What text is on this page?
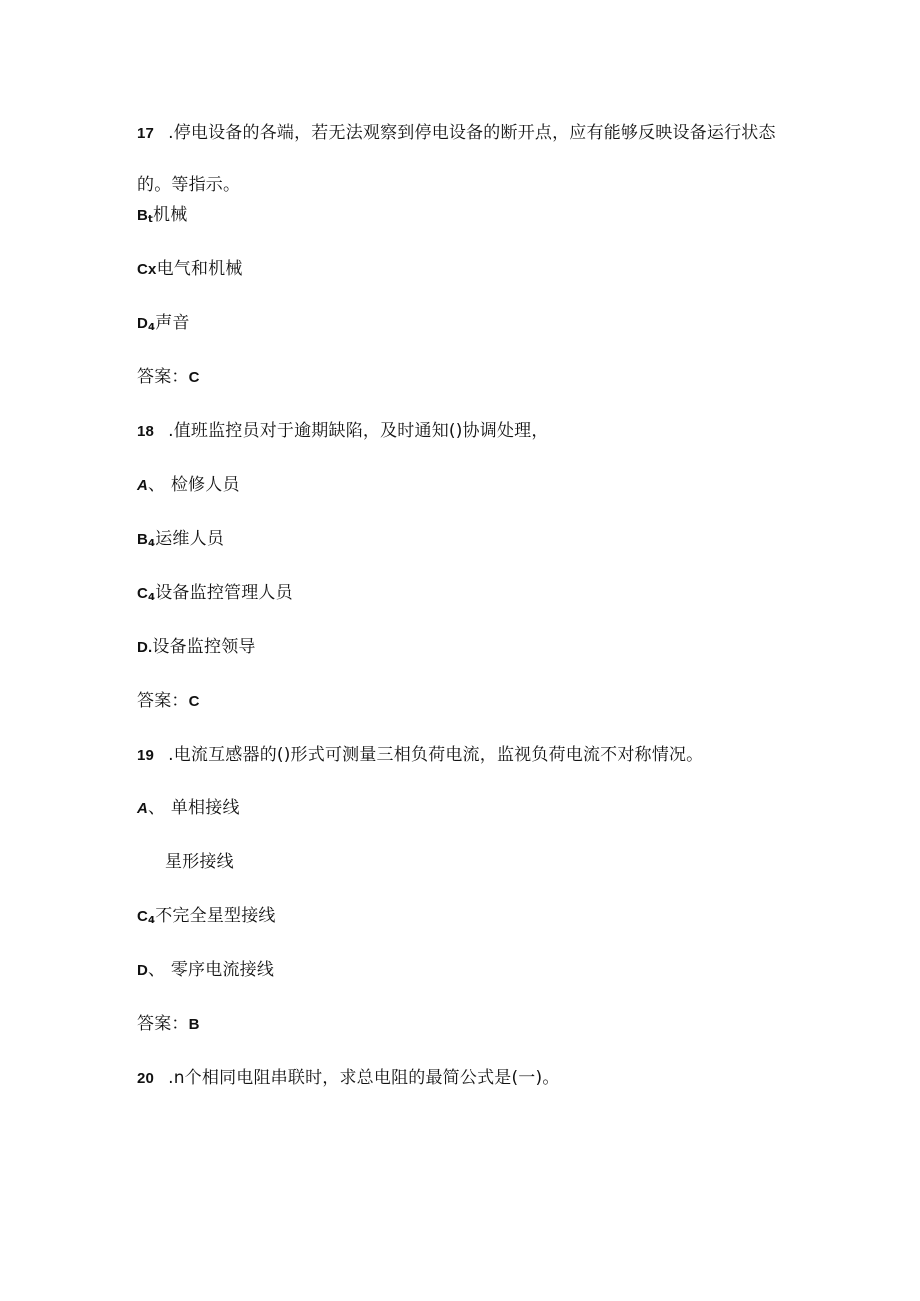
17 .停电设备的各端，若无法观察到停电设备的断开点，应有能够反映设备运行状态
的。等指示。
$B_t$机械
Cx电气和机械
$D_4$声音
答案：C
18 .值班监控员对于逾期缺陷，及时通知()协调处理，
A、 检修人员
$B_4$运维人员
$C_4$设备监控管理人员
D.设备监控领导
答案：C
19 .电流互感器的()形式可测量三相负荷电流，监视负荷电流不对称情况。
A、 单相接线
星形接线
$C_4$不完全星型接线
D、 零序电流接线
答案：B
20 .n个相同电阻串联时，求总电阻的最简公式是(一)。
